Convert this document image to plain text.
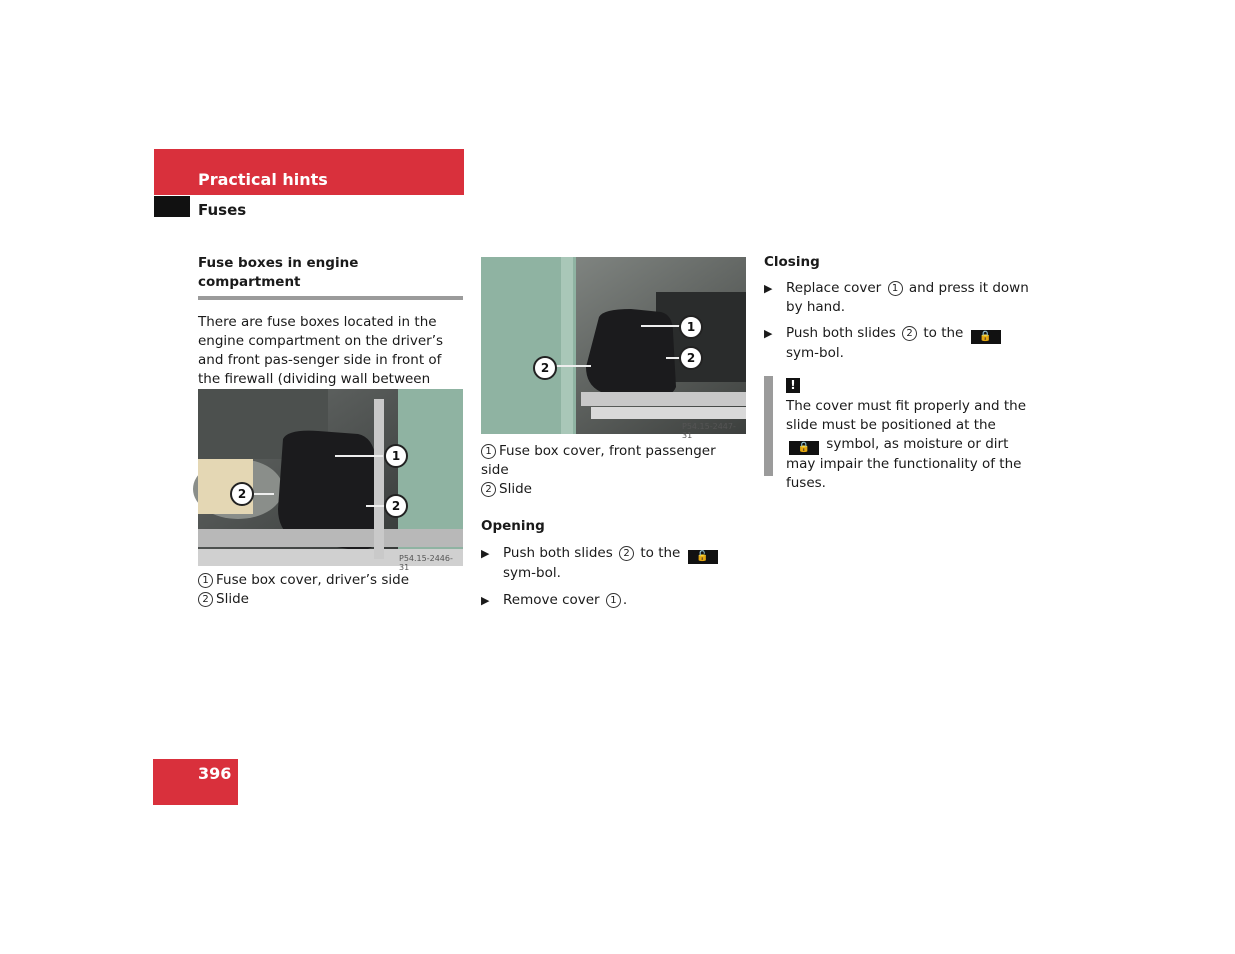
Practical hints
Fuses
Fuse boxes in engine compartment

There are fuse boxes located in the engine compartment on the driver’s and front pas-senger side in front of the firewall (dividing wall between

1
2
2
P54.15-2446-31
1 Fuse box cover, driver’s side
2 Slide
1
2
2
P54.15-2447-31
1 Fuse box cover, front passenger side
2 Slide
Opening
▶ Push both slides 2 to the 🔓 sym-bol.
▶ Remove cover 1 .
Closing
▶ Replace cover 1 and press it down by hand.
▶ Push both slides 2 to the 🔒 sym-bol.
!
The cover must fit properly and the slide must be positioned at the 🔒 symbol, as moisture or dirt may impair the functionality of the fuses.
396
